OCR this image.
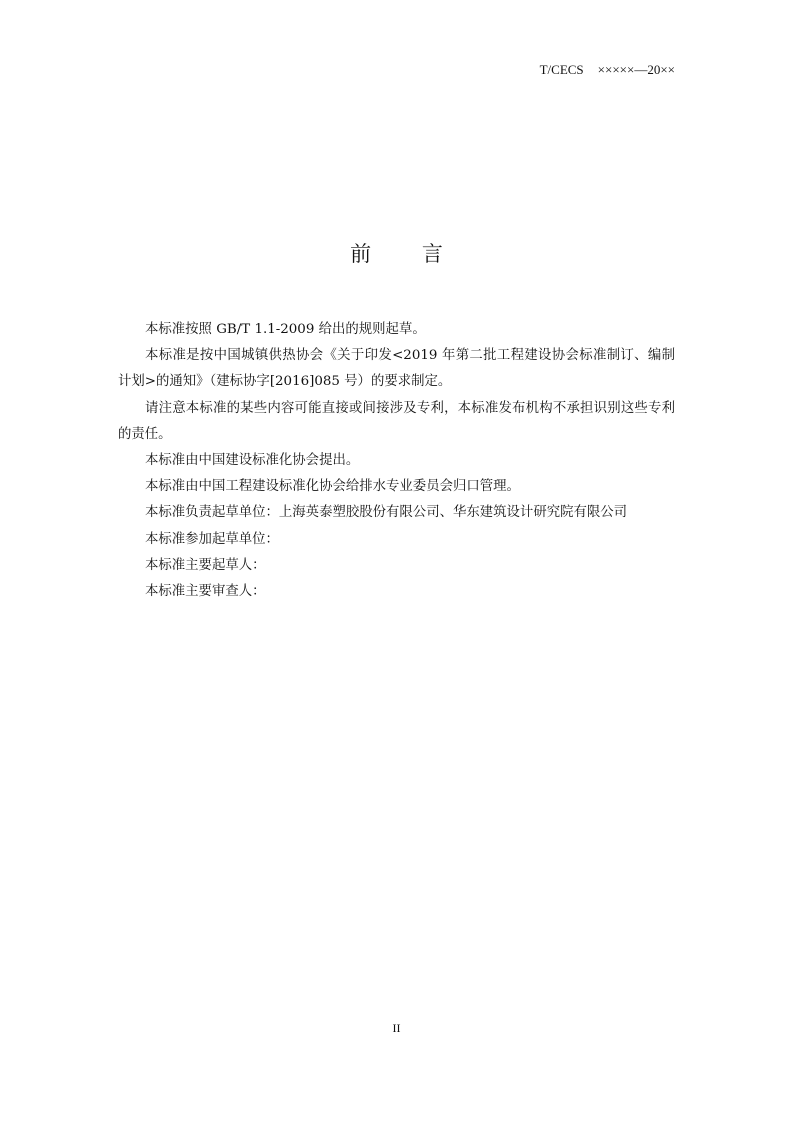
T/CECS ×××××—20××
前 言

本标准按照 GB/T 1.1-2009 给出的规则起草。

本标准是按中国城镇供热协会《关于印发<2019 年第二批工程建设协会标准制订、编制计划>的通知》（建标协字[2016]085 号）的要求制定。

请注意本标准的某些内容可能直接或间接涉及专利，本标准发布机构不承担识别这些专利的责任。

本标准由中国建设标准化协会提出。

本标准由中国工程建设标准化协会给排水专业委员会归口管理。

本标准负责起草单位：上海英泰塑胶股份有限公司、华东建筑设计研究院有限公司

本标准参加起草单位：

本标准主要起草人：

本标准主要审查人：

II
